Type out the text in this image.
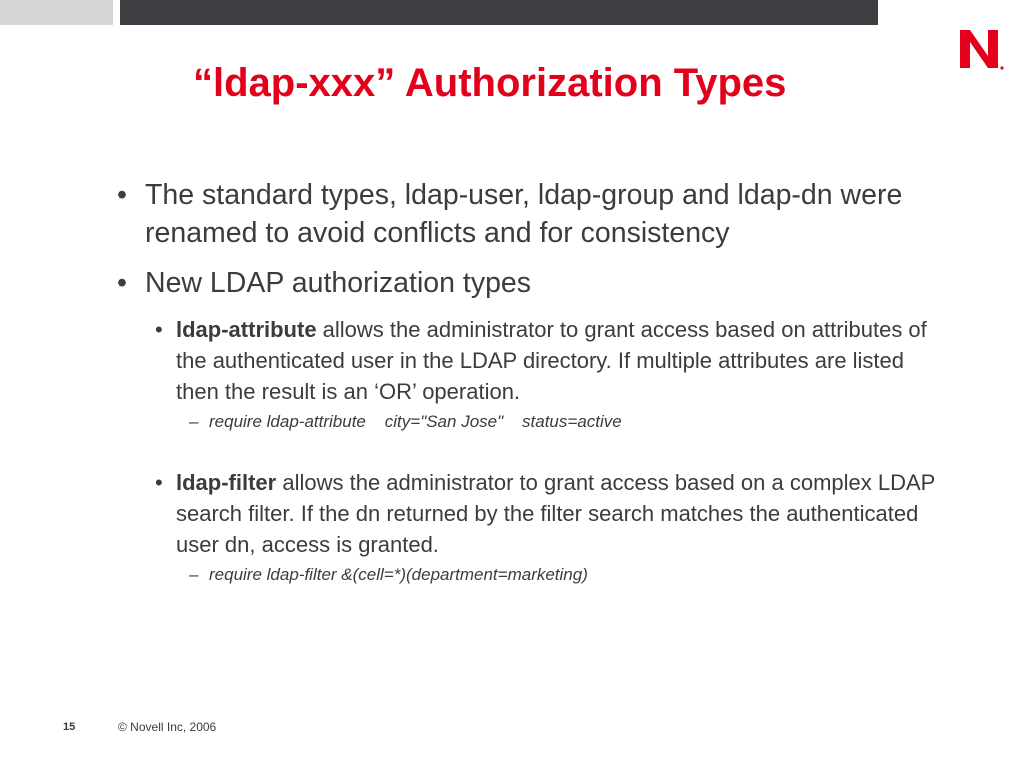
“ldap-xxx” Authorization Types
• The standard types, ldap-user, ldap-group and ldap-dn were renamed to avoid conflicts and for consistency
• New LDAP authorization types
• ldap-attribute allows the administrator to grant access based on attributes of the authenticated user in the LDAP directory. If multiple attributes are listed then the result is an ‘OR’ operation.
– require ldap-attribute    city="San Jose"    status=active
• ldap-filter allows the administrator to grant access based on a complex LDAP search filter. If the dn returned by the filter search matches the authenticated user dn, access is granted.
– require ldap-filter &(cell=*)(department=marketing)
15	© Novell Inc, 2006
